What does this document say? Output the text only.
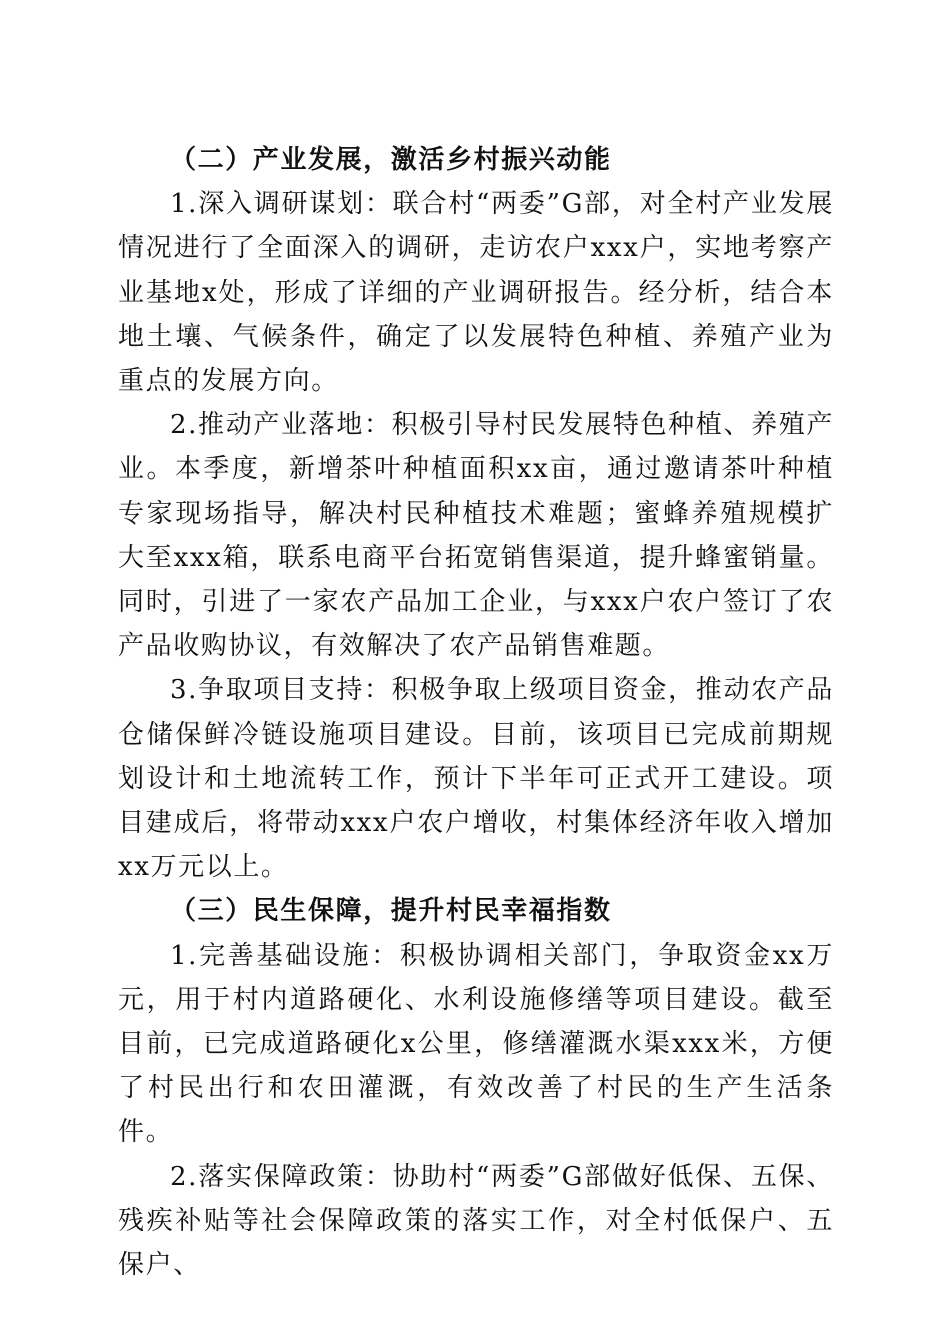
（二）产业发展，激活乡村振兴动能

1.深入调研谋划：联合村“两委”G部，对全村产业发展情况进行了全面深入的调研，走访农户xxx户，实地考察产业基地x处，形成了详细的产业调研报告。经分析，结合本地土壤、气候条件，确定了以发展特色种植、养殖产业为重点的发展方向。

2.推动产业落地：积极引导村民发展特色种植、养殖产业。本季度，新增茶叶种植面积xx亩，通过邀请茶叶种植专家现场指导，解决村民种植技术难题；蜜蜂养殖规模扩大至xxx箱，联系电商平台拓宽销售渠道，提升蜂蜜销量。同时，引进了一家农产品加工企业，与xxx户农户签订了农产品收购协议，有效解决了农产品销售难题。

3.争取项目支持：积极争取上级项目资金，推动农产品仓储保鲜冷链设施项目建设。目前，该项目已完成前期规划设计和土地流转工作，预计下半年可正式开工建设。项目建成后，将带动xxx户农户增收，村集体经济年收入增加xx万元以上。

（三）民生保障，提升村民幸福指数

1.完善基础设施：积极协调相关部门，争取资金xx万元，用于村内道路硬化、水利设施修缮等项目建设。截至目前，已完成道路硬化x公里，修缮灌溉水渠xxx米，方便了村民出行和农田灌溉，有效改善了村民的生产生活条件。

2.落实保障政策：协助村“两委”G部做好低保、五保、残疾补贴等社会保障政策的落实工作，对全村低保户、五保户、
